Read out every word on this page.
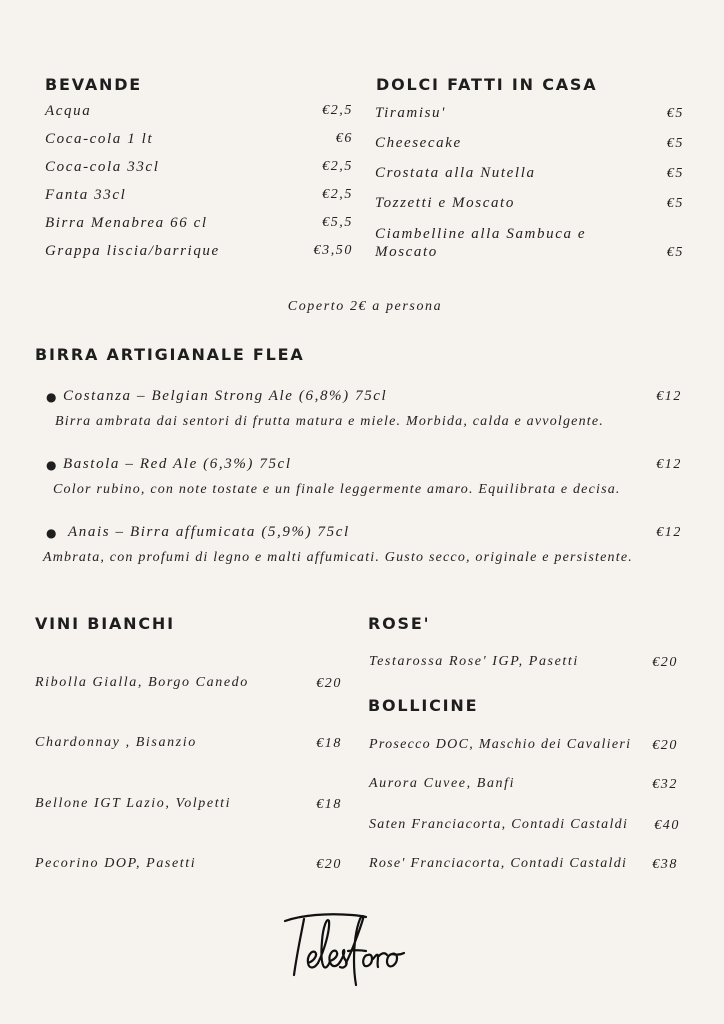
BEVANDE
Acqua	€2,5
Coca-cola 1 lt	€6
Coca-cola 33cl	€2,5
Fanta 33cl	€2,5
Birra Menabrea 66 cl	€5,5
Grappa liscia/barrique	€3,50
DOLCI FATTI IN CASA
Tiramisu'	€5
Cheesecake	€5
Crostata alla Nutella	€5
Tozzetti e Moscato	€5
Ciambelline alla Sambuca e
Moscato	€5
Coperto 2€ a persona
BIRRA ARTIGIANALE FLEA
● Costanza – Belgian Strong Ale (6,8%) 75cl	€12
Birra ambrata dai sentori di frutta matura e miele. Morbida, calda e avvolgente.
● Bastola – Red Ale (6,3%) 75cl	€12
Color rubino, con note tostate e un finale leggermente amaro. Equilibrata e decisa.
● Anais – Birra affumicata (5,9%) 75cl	€12
Ambrata, con profumi di legno e malti affumicati. Gusto secco, originale e persistente.
VINI BIANCHI
Ribolla Gialla, Borgo Canedo	€20
Chardonnay , Bisanzio	€18
Bellone IGT Lazio, Volpetti	€18
Pecorino DOP, Pasetti	€20
ROSE'
Testarossa Rose' IGP, Pasetti	€20
BOLLICINE
Prosecco DOC, Maschio dei Cavalieri	€20
Aurora Cuvee, Banfi	€32
Saten Franciacorta, Contadi Castaldi	€40
Rose' Franciacorta, Contadi Castaldi	€38
